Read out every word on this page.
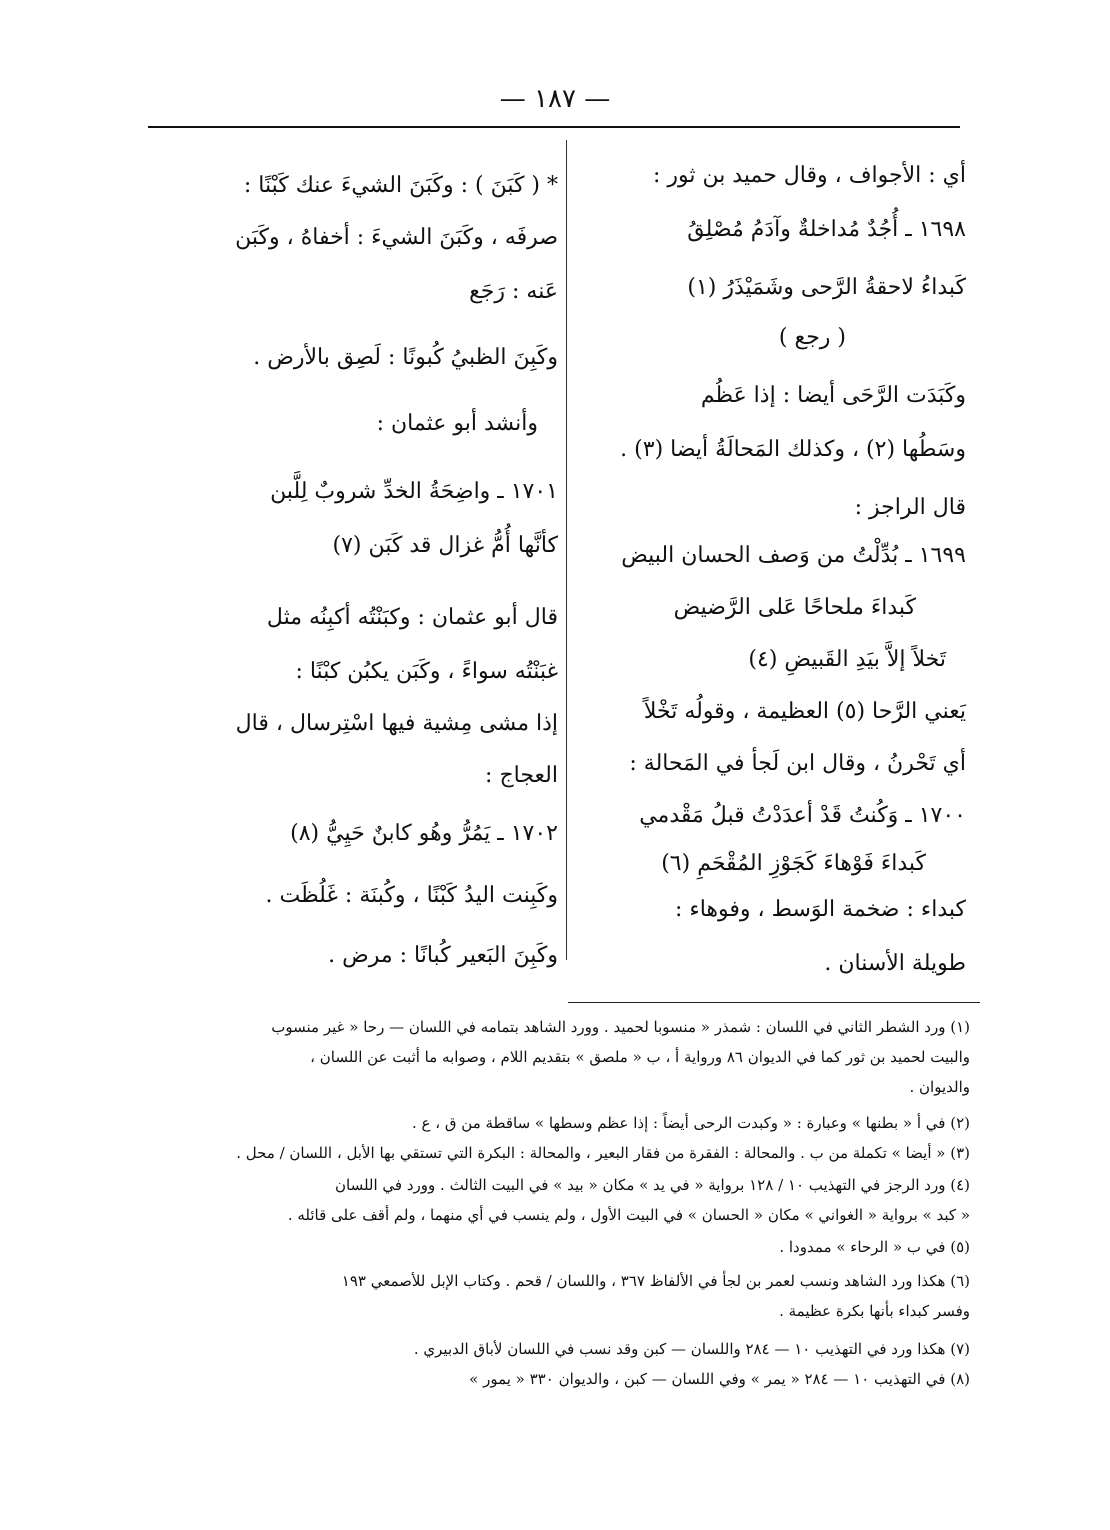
— ١٨٧ —
أي : الأجواف ، وقال حميد بن ثور :
١٦٩٨ ـ أُجُدٌ مُداخلةٌ وآدَمُ مُصْلِقُ
كَبداءُ لاحقةُ الرَّحى وشَمَيْذَرُ (١)
( رجع )
وكَبَدَت الرَّحَى أيضا : إذا عَظُم
وسَطُها (٢) ، وكذلك المَحالَةُ أيضا (٣) .
قال الراجز :
١٦٩٩ ـ بُدِّلْتُ من وَصف الحسان البيض
كَبداءَ ملحاحًا عَلى الرَّضيض
تَخلاً إلاَّ بيَدِ القَبيضِ (٤)
يَعني الرَّحا (٥) العظيمة ، وقولُه تَخْلاً
أي تَحْرنُ ، وقال ابن لَجأ في المَحالة :
١٧٠٠ ـ وَكُنتُ قَدْ أعدَدْتُ قبلُ مَقْدمي
كَبداءَ فَوْهاءَ كَجَوْزِ المُقْحَمِ (٦)
كبداء : ضخمة الوَسط ، وفوهاء :
طويلة الأسنان .
* ( كَبَنَ ) : وكَبَنَ الشيءَ عنك كَبْنًا :
صرفَه ، وكَبَنَ الشيءَ : أخفاهُ ، وكَبَن
عَنه : رَجَع
وكَبِنَ الظبيُ كُبونًا : لَصِق بالأرض .
وأنشد أبو عثمان :
١٧٠١ ـ واضِحَةُ الخدِّ شروبٌ لِلَّبن
كأنَّها أُمُّ غزال قد كَبَن (٧)
قال أبو عثمان : وكبَنْتُه أكبِنُه مثل
غبَنْتُه سواءً ، وكَبَن يكبُن كبْنًا :
إذا مشى مِشية فيها اسْتِرسال ، قال
العجاج :
١٧٠٢ ـ يَمُرُّ وهُو كابنٌ حَيِيُّ (٨)
وكَبِنت اليدُ كَبْنًا ، وكُبنَة : غَلُظَت .
وكَبِنَ البَعير كُبانًا : مرض .
(١) ورد الشطر الثاني في اللسان : شمذر « منسوبا لحميد . وورد الشاهد بتمامه في اللسان — رحا « غير منسوب
والبيت لحميد بن ثور كما في الديوان ٨٦ ورواية أ ، ب « ملصق » بتقديم اللام ، وصوابه ما أثبت عن اللسان ،
والديوان .
(٢) في أ « بطنها » وعبارة : « وكبدت الرحى أيضاً : إذا عظم وسطها » ساقطة من ق ، ع .
(٣) « أيضا » تكملة من ب . والمحالة : الفقرة من فقار البعير ، والمحالة : البكرة التي تستقي بها الأبل ، اللسان / محل .
(٤) ورد الرجز في التهذيب ١٠ / ١٢٨ برواية « في يد » مكان « بيد » في البيت الثالث . وورد في اللسان
« كبد » برواية « الغواني » مكان « الحسان » في البيت الأول ، ولم ينسب في أي منهما ، ولم أقف على قائله .
(٥) في ب « الرحاء » ممدودا .
(٦) هكذا ورد الشاهد ونسب لعمر بن لجأ في الألفاظ ٣٦٧ ، واللسان / قحم . وكتاب الإبل للأصمعي ١٩٣
وفسر كبداء بأنها بكرة عظيمة .
(٧) هكذا ورد في التهذيب ١٠ — ٢٨٤ واللسان — كبن وقد نسب في اللسان لأباق الدبيري .
(٨) في التهذيب ١٠ — ٢٨٤ « يمر » وفي اللسان — كبن ، والديوان ٣٣٠ « يمور »
